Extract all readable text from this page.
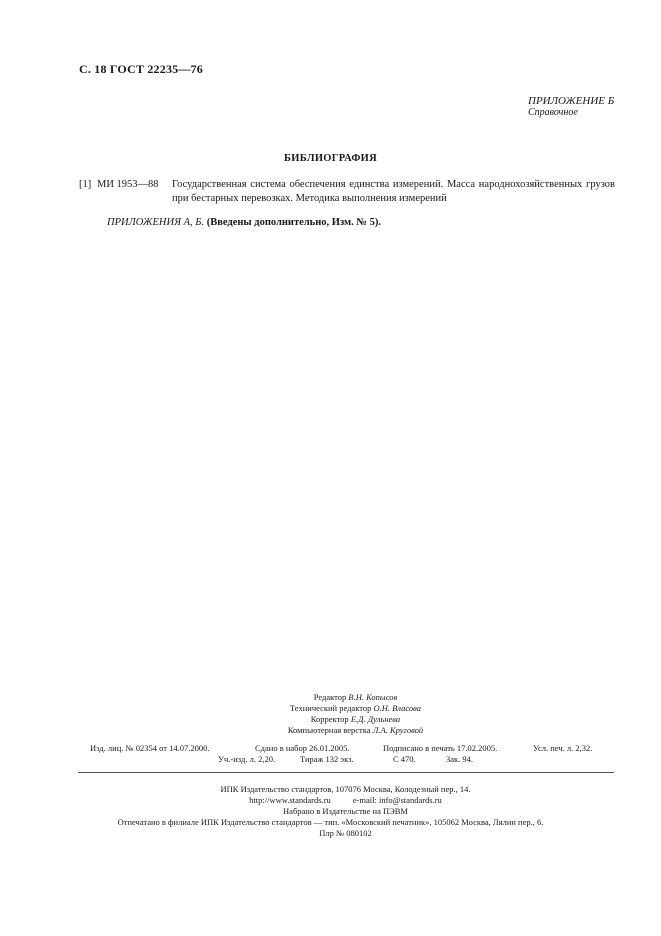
С. 18 ГОСТ 22235—76
ПРИЛОЖЕНИЕ Б
Справочное
БИБЛИОГРАФИЯ
[1] МИ 1953—88 Государственная система обеспечения единства измерений. Масса народнохозяйственных грузов при бестарных перевозках. Методика выполнения измерений
ПРИЛОЖЕНИЯ А, Б. (Введены дополнительно, Изм. № 5).
Редактор В.Н. Копысов
Технический редактор О.Н. Власова
Корректор Е.Д. Дульнева
Компьютерная верстка Л.А. Круговой
Изд. лиц. № 02354 от 14.07.2000.	Сдано в набор 26.01.2005.	Подписано в печать 17.02.2005.	Усл. печ. л. 2,32.
Уч.-изд. л. 2,20.	Тираж 132 экз.	С 470.	Зак. 94.
ИПК Издательство стандартов, 107076 Москва, Колодезный пер., 14.
http://www.standards.ru	e-mail: info@standards.ru
Набрано в Издательстве на ПЭВМ
Отпечатано в филиале ИПК Издательство стандартов — тип. «Московский печатник», 105062 Москва, Лялин пер., 6.
Плр № 080102
